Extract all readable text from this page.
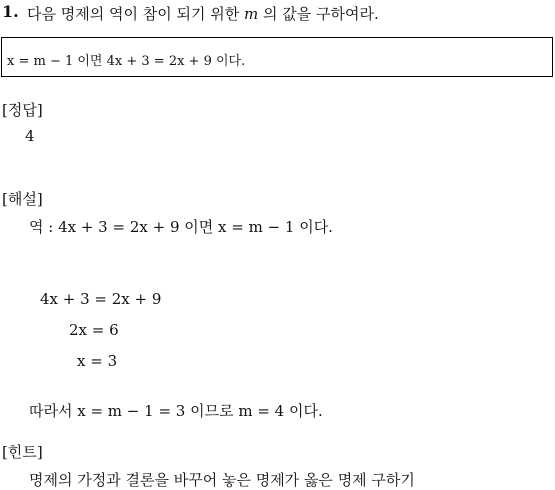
1. 다음 명제의 역이 참이 되기 위한 m 의 값을 구하여라.
x = m − 1 이면 4x + 3 = 2x + 9 이다.
[정답]
4
[해설]
역 : 4x + 3 = 2x + 9 이면 x = m − 1 이다.
4x + 3 = 2x + 9
2x = 6
x = 3
따라서 x = m − 1 = 3 이므로 m = 4 이다.
[힌트]
명제의 가정과 결론을 바꾸어 놓은 명제가 옳은 명제 구하기
